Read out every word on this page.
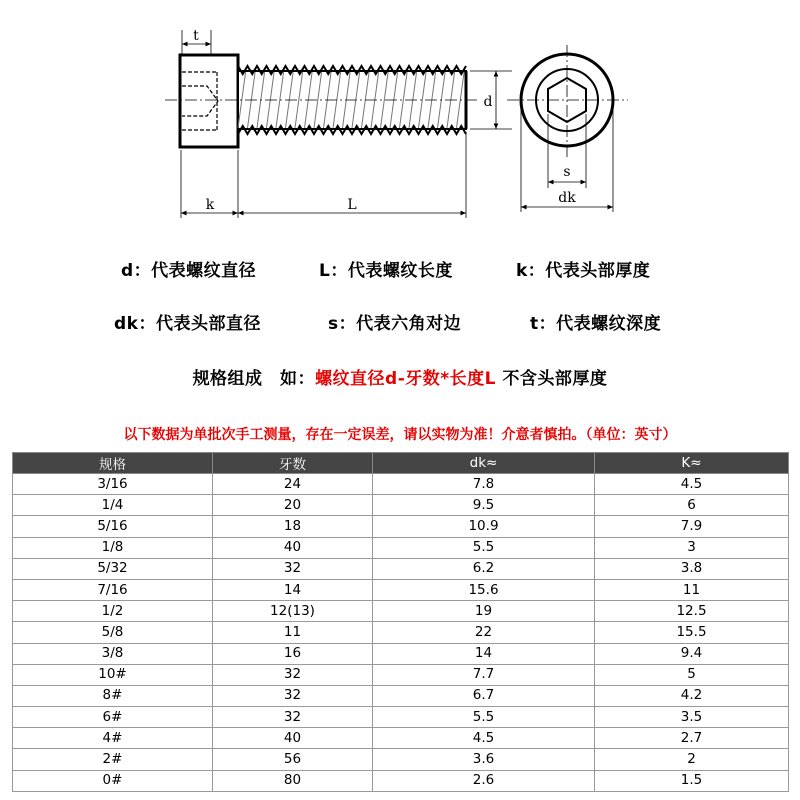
t
d
k	L
s
dk
d：代表螺纹直径	L：代表螺纹长度	k：代表头部厚度
dk：代表头部直径	s：代表六角对边	t：代表螺纹深度
规格组成　如：螺纹直径d-牙数*长度L 不含头部厚度
以下数据为单批次手工测量，存在一定误差，请以实物为准！介意者慎拍。（单位：英寸）
规格	牙数	dk≈	K≈
3/16	24	7.8	4.5
1/4	20	9.5	6
5/16	18	10.9	7.9
1/8	40	5.5	3
5/32	32	6.2	3.8
7/16	14	15.6	11
1/2	12(13)	19	12.5
5/8	11	22	15.5
3/8	16	14	9.4
10#	32	7.7	5
8#	32	6.7	4.2
6#	32	5.5	3.5
4#	40	4.5	2.7
2#	56	3.6	2
0#	80	2.6	1.5
